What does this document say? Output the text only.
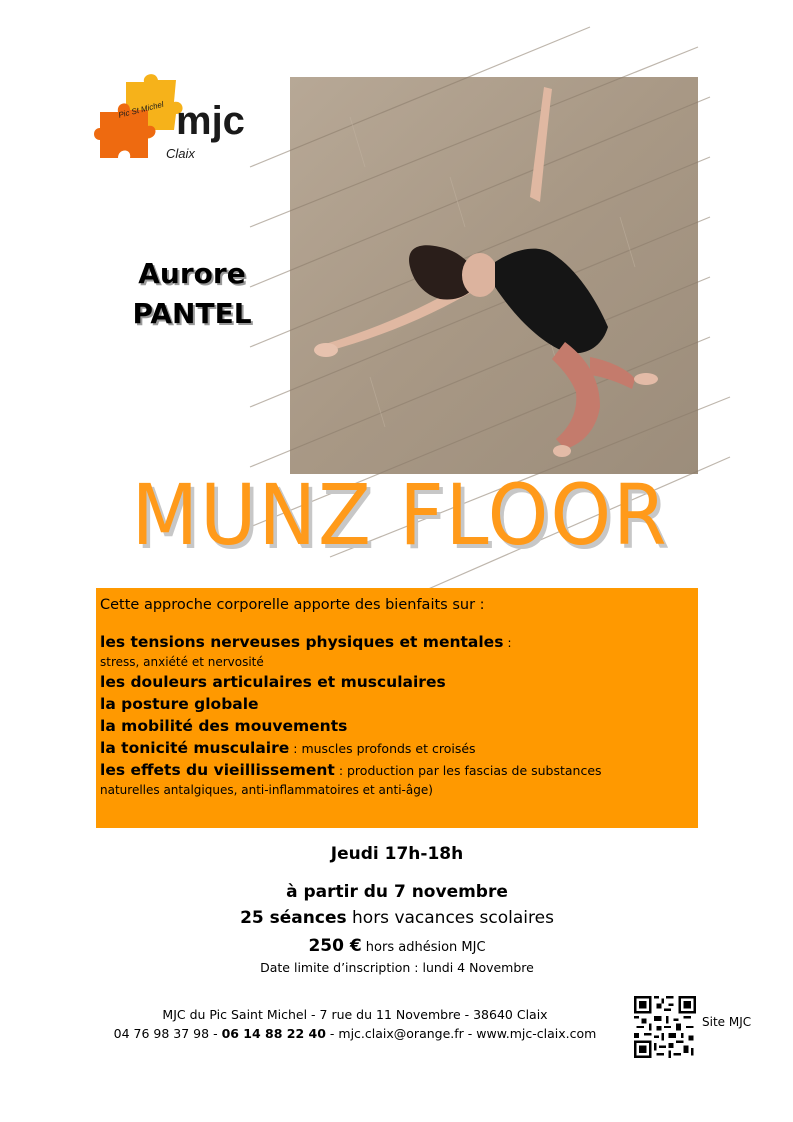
Pic St Michel mjc
Claix
Aurore
PANTEL
MUNZ FLOOR
Cette approche corporelle apporte des bienfaits sur :
les tensions nerveuses physiques et mentales :
stress, anxiété et nervosité
les douleurs articulaires et musculaires
la posture globale
la mobilité des mouvements
la tonicité musculaire : muscles profonds et croisés
les effets du vieillissement : production par les fascias de substances
naturelles antalgiques, anti-inflammatoires et anti-âge)
Jeudi 17h-18h
à partir du 7 novembre
25 séances hors vacances scolaires
250 € hors adhésion MJC
Date limite d’inscription : lundi 4 Novembre
MJC du Pic Saint Michel - 7 rue du 11 Novembre - 38640 Claix
04 76 98 37 98 - 06 14 88 22 40 - mjc.claix@orange.fr - www.mjc-claix.com
Site MJC
